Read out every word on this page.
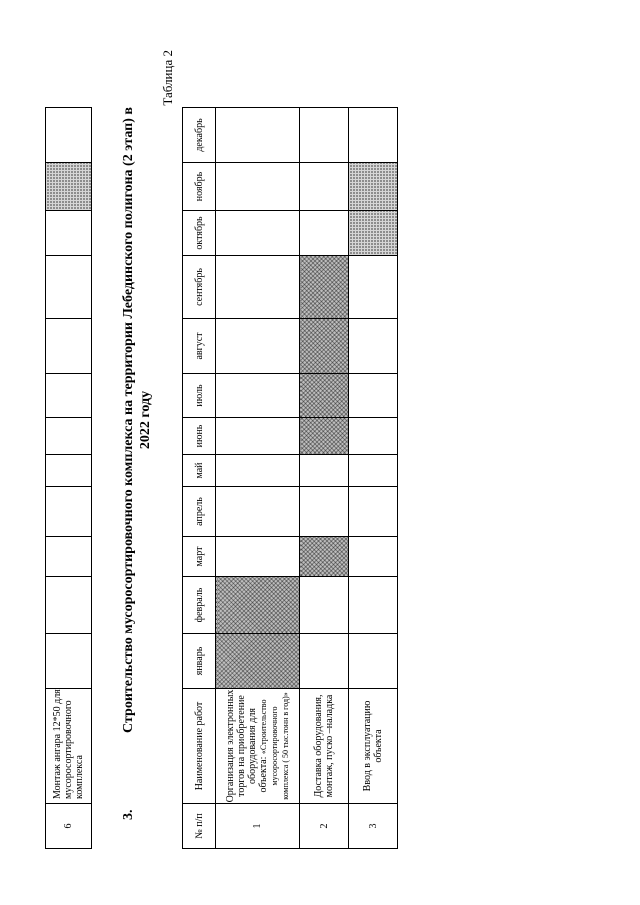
6	Монтаж ангара 12*50 для мусоросортировочного комплекса												
3.
Строительство мусоросортировочного комплекса на территории Лебединского полигона (2 этап) в 2022 году
Таблица 2
№ п/п	Наименование работ	январь	февраль	март	апрель	май	июнь	июль	август	сентябрь	октябрь	ноябрь	декабрь
1	Организация электронных торгов на приобретение оборудования для объекта: «Строительство мусоросортировочного комплекса ( 50 тыс.тонн в год)»												
2	Доставка оборудования, монтаж, пуско –наладка												
3	Ввод в эксплуатацию объекта												
